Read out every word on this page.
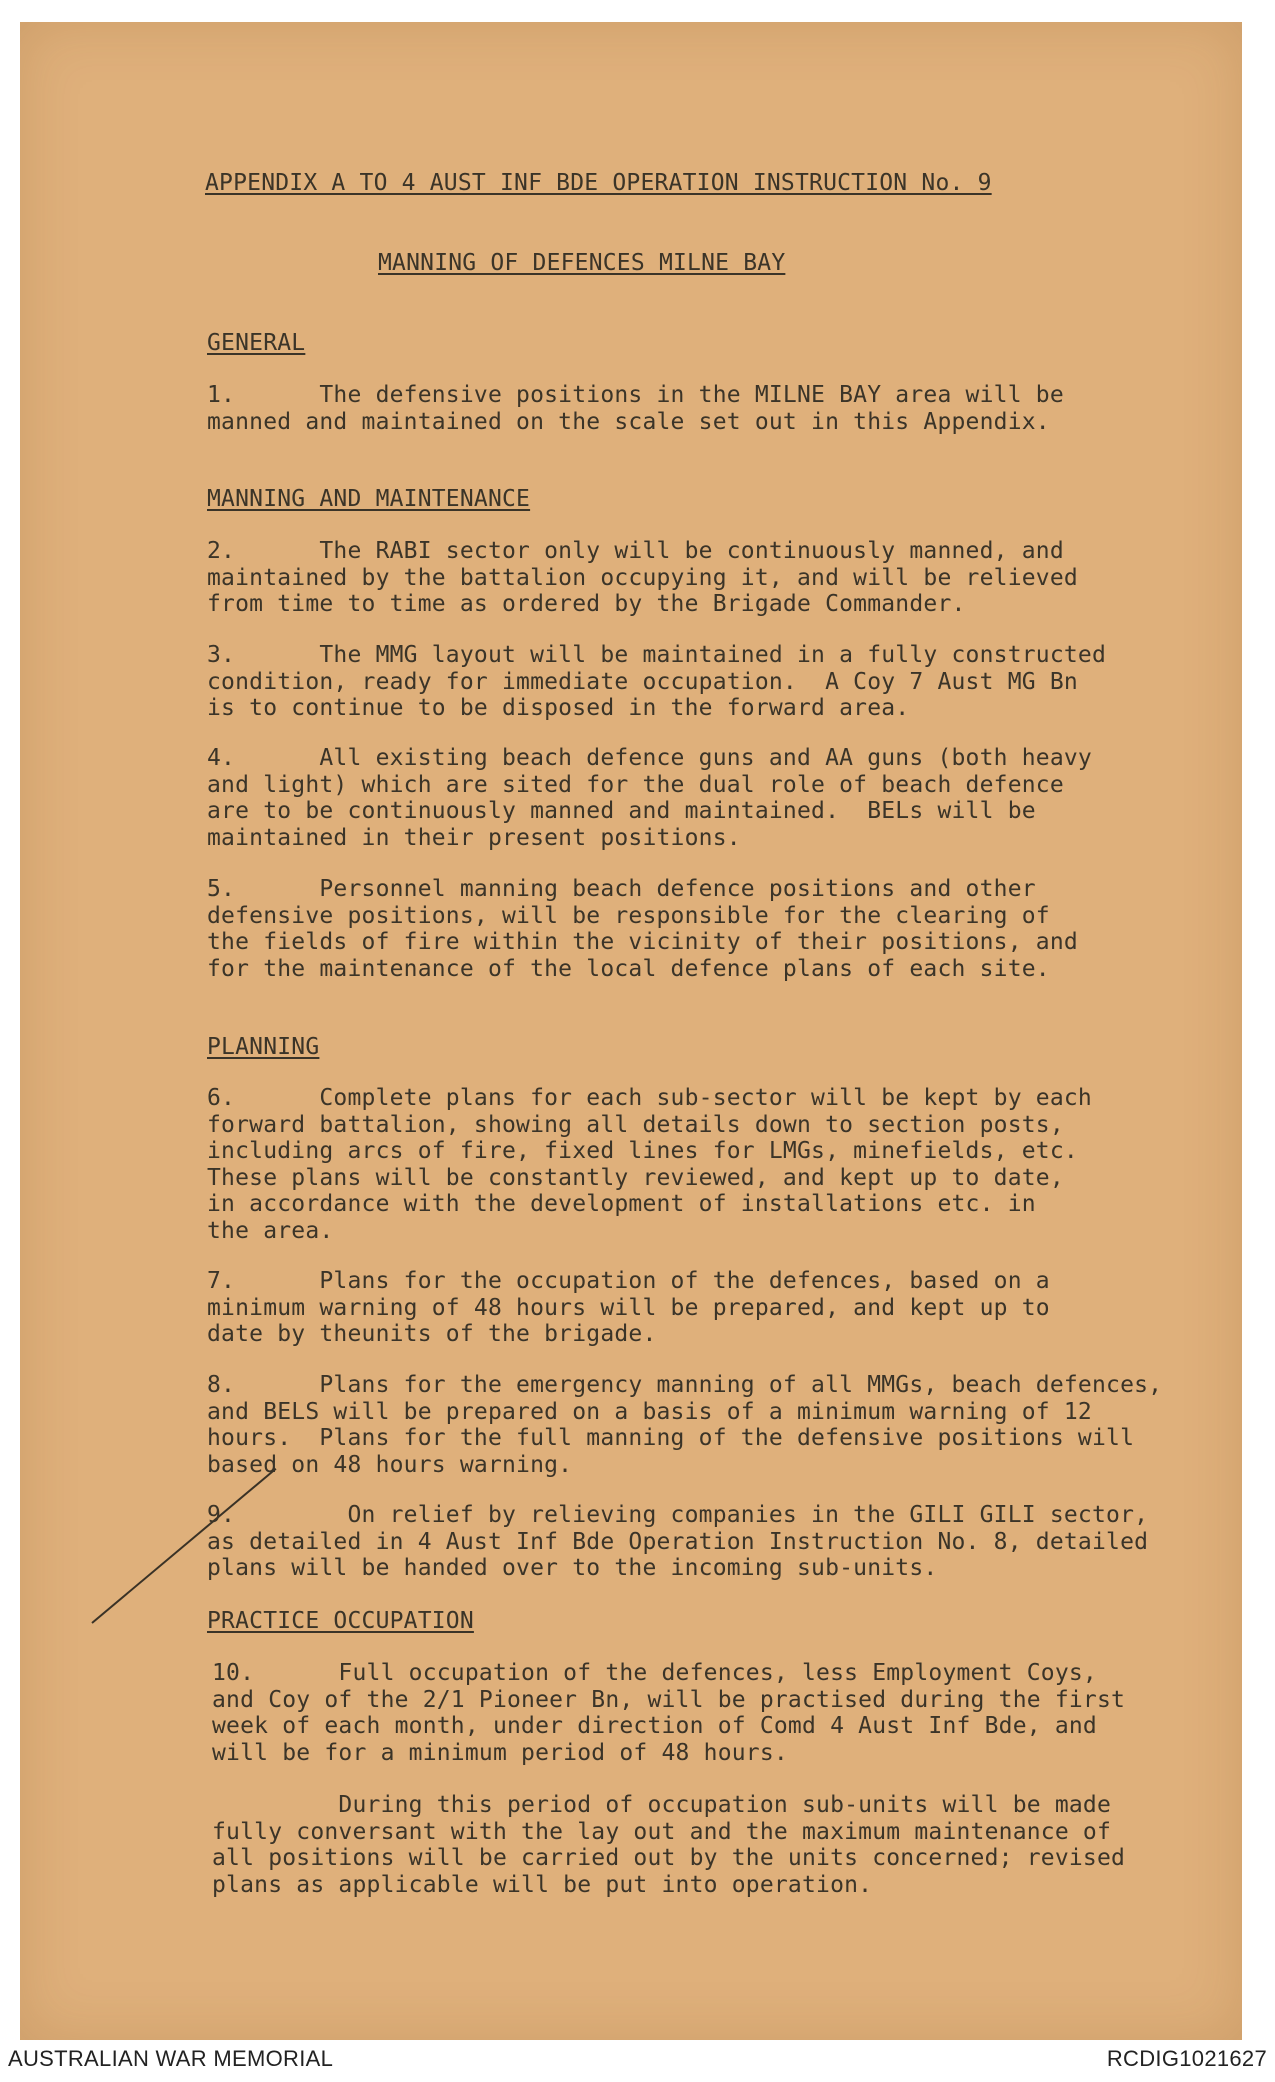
APPENDIX A TO 4 AUST INF BDE OPERATION INSTRUCTION No. 9
MANNING OF DEFENCES MILNE BAY
GENERAL
1.      The defensive positions in the MILNE BAY area will be
manned and maintained on the scale set out in this Appendix.
MANNING AND MAINTENANCE
2.      The RABI sector only will be continuously manned, and
maintained by the battalion occupying it, and will be relieved
from time to time as ordered by the Brigade Commander.
3.      The MMG layout will be maintained in a fully constructed
condition, ready for immediate occupation.  A Coy 7 Aust MG Bn
is to continue to be disposed in the forward area.
4.      All existing beach defence guns and AA guns (both heavy
and light) which are sited for the dual role of beach defence
are to be continuously manned and maintained.  BELs will be
maintained in their present positions.
5.      Personnel manning beach defence positions and other
defensive positions, will be responsible for the clearing of
the fields of fire within the vicinity of their positions, and
for the maintenance of the local defence plans of each site.
PLANNING
6.      Complete plans for each sub-sector will be kept by each
forward battalion, showing all details down to section posts,
including arcs of fire, fixed lines for LMGs, minefields, etc.
These plans will be constantly reviewed, and kept up to date,
in accordance with the development of installations etc. in
the area.
7.      Plans for the occupation of the defences, based on a
minimum warning of 48 hours will be prepared, and kept up to
date by theunits of the brigade.
8.      Plans for the emergency manning of all MMGs, beach defences,
and BELS will be prepared on a basis of a minimum warning of 12
hours.  Plans for the full manning of the defensive positions will
based on 48 hours warning.
9.        On relief by relieving companies in the GILI GILI sector,
as detailed in 4 Aust Inf Bde Operation Instruction No. 8, detailed
plans will be handed over to the incoming sub-units.
PRACTICE OCCUPATION
10.      Full occupation of the defences, less Employment Coys,
and Coy of the 2/1 Pioneer Bn, will be practised during the first
week of each month, under direction of Comd 4 Aust Inf Bde, and
will be for a minimum period of 48 hours.
During this period of occupation sub-units will be made
fully conversant with the lay out and the maximum maintenance of
all positions will be carried out by the units concerned; revised
plans as applicable will be put into operation.
AUSTRALIAN WAR MEMORIAL	RCDIG1021627
